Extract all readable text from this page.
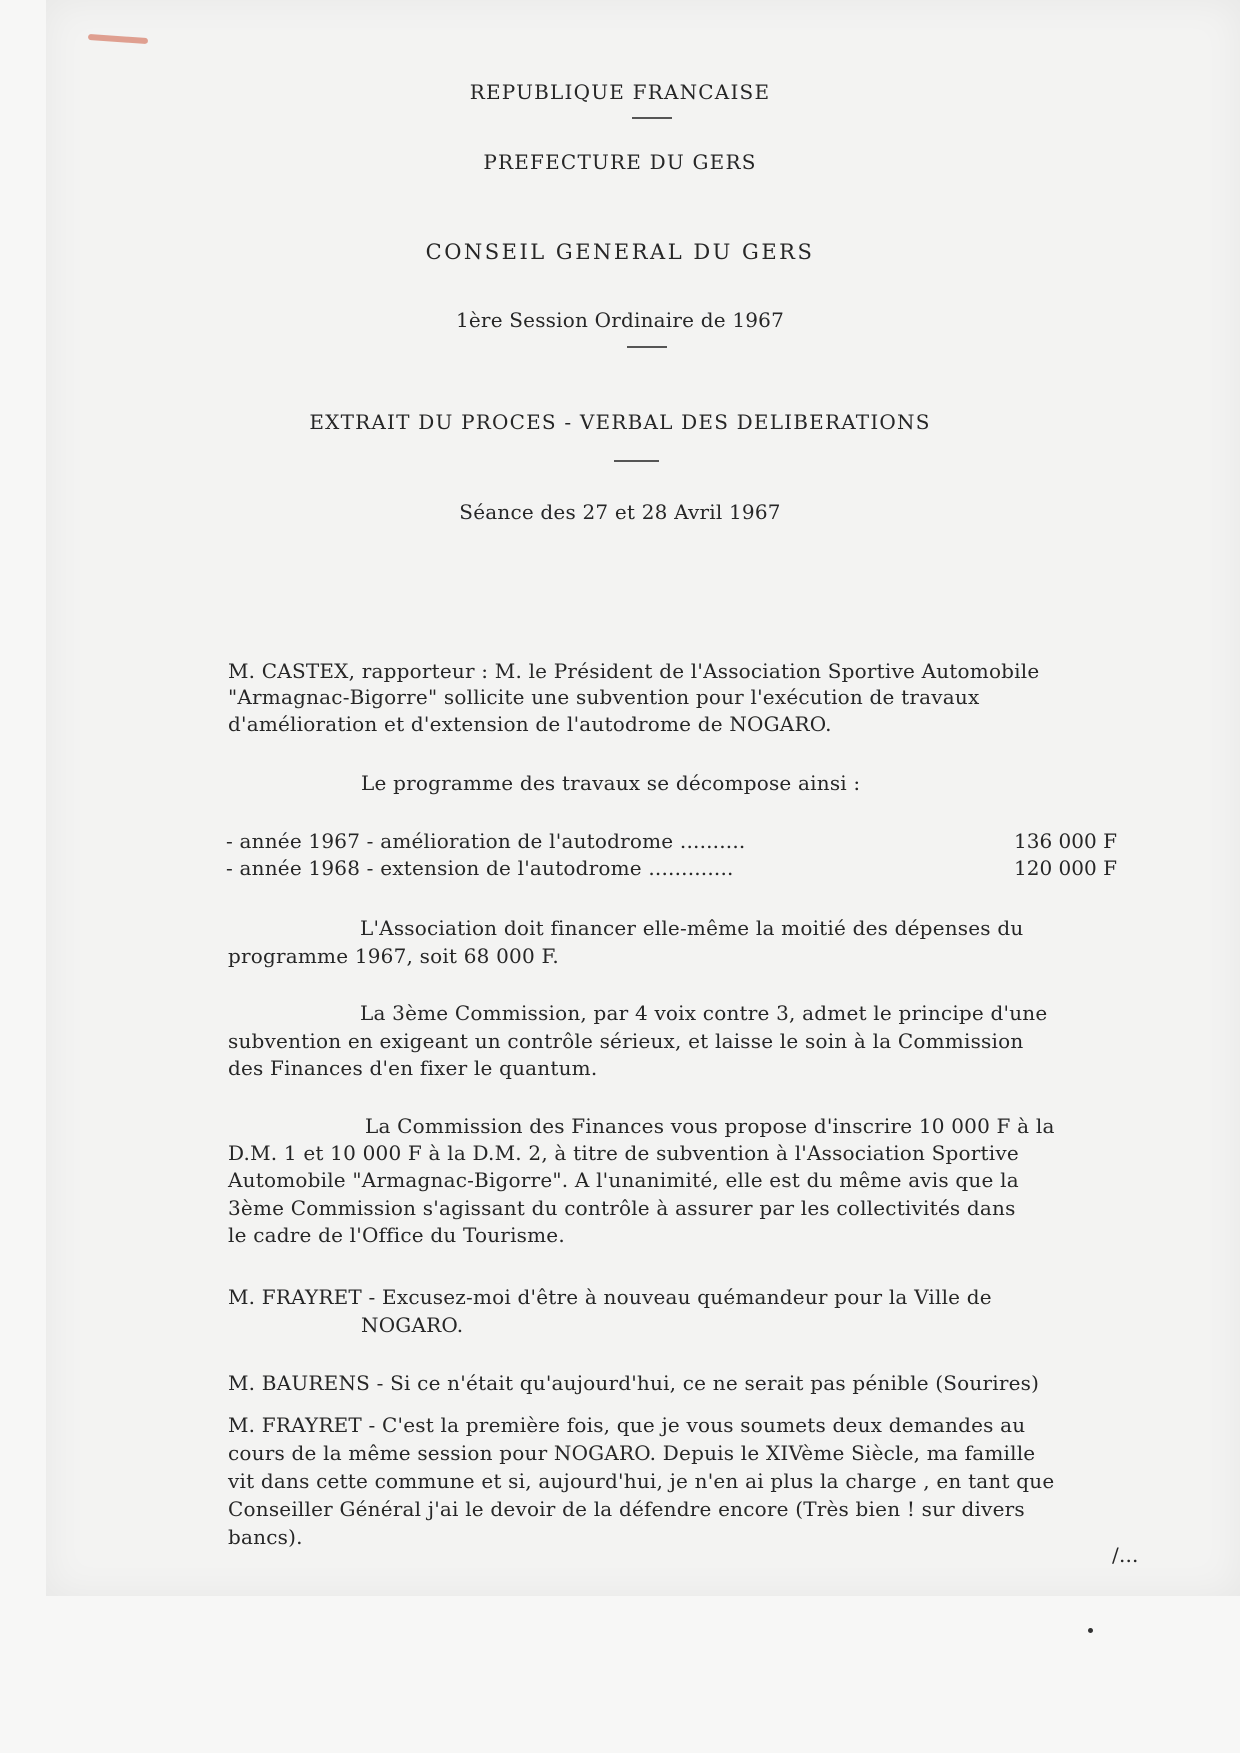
REPUBLIQUE FRANCAISE
PREFECTURE DU GERS
CONSEIL GENERAL DU GERS
1ère Session Ordinaire de 1967
EXTRAIT DU PROCES - VERBAL DES DELIBERATIONS
Séance des 27 et 28 Avril 1967
M. CASTEX, rapporteur : M. le Président de l'Association Sportive Automobile
"Armagnac-Bigorre" sollicite une subvention pour l'exécution de travaux
d'amélioration et d'extension de l'autodrome de NOGARO.
Le programme des travaux se décompose ainsi :
- année 1967 - amélioration de l'autodrome ..........	136 000 F
- année 1968 - extension de l'autodrome .............	120 000 F
L'Association doit financer elle-même la moitié des dépenses du
programme 1967, soit 68 000 F.
La 3ème Commission, par 4 voix contre 3, admet le principe d'une
subvention en exigeant un contrôle sérieux, et laisse le soin à la Commission
des Finances d'en fixer le quantum.
La Commission des Finances vous propose d'inscrire 10 000 F à la
D.M. 1 et 10 000 F à la D.M. 2, à titre de subvention à l'Association Sportive
Automobile "Armagnac-Bigorre". A l'unanimité, elle est du même avis que la
3ème Commission s'agissant du contrôle à assurer par les collectivités dans
le cadre de l'Office du Tourisme.
M. FRAYRET - Excusez-moi d'être à nouveau quémandeur pour la Ville de
NOGARO.
M. BAURENS - Si ce n'était qu'aujourd'hui, ce ne serait pas pénible (Sourires)
M. FRAYRET - C'est la première fois, que je vous soumets deux demandes au
cours de la même session pour NOGARO. Depuis le XIVème Siècle, ma famille
vit dans cette commune et si, aujourd'hui, je n'en ai plus la charge , en tant que
Conseiller Général j'ai le devoir de la défendre encore (Très bien ! sur divers
bancs).
/...
